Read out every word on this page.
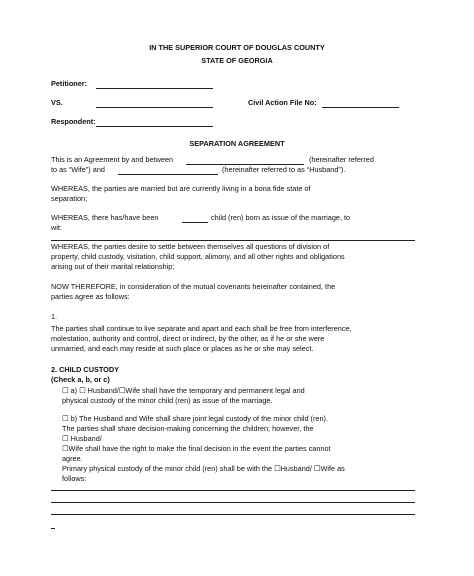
IN THE SUPERIOR COURT OF DOUGLAS COUNTY
STATE OF GEORGIA
Petitioner:
VS.	Civil Action File No:
Respondent:
SEPARATION AGREEMENT
This is an Agreement by and between	(hereinafter referred
to as “Wife”) and	(hereinafter referred to as “Husband”).
WHEREAS, the parties are married but are currently living in a bona fide state of
separation;
WHEREAS, there has/have been	child (ren) born as issue of the marriage, to
wit:
WHEREAS, the parties desire to settle between themselves all questions of division of
property, child custody, visitation, child support, alimony, and all other rights and obligations
arising out of their marital relationship;
NOW THEREFORE, in consideration of the mutual covenants hereinafter contained, the
parties agree as follows:
1.
The parties shall continue to live separate and apart and each shall be free from interference,
molestation, authority and control, direct or indirect, by the other, as if he or she were
unmarried, and each may reside at such place or places as he or she may select.
2. CHILD CUSTODY
(Check a, b, or c)
☐ a) ☐ Husband/☐Wife shall have the temporary and permanent legal and
physical custody of the minor child (ren) as issue of the marriage.
☐ b) The Husband and Wife shall share joint legal custody of the minor child (ren).
The parties shall share decision-making concerning the children; however, the
☐ Husband/
☐Wife shall have the right to make the final decision in the event the parties cannot
agree.
Primary physical custody of the minor child (ren) shall be with the ☐Husband/ ☐Wife as
follows:
